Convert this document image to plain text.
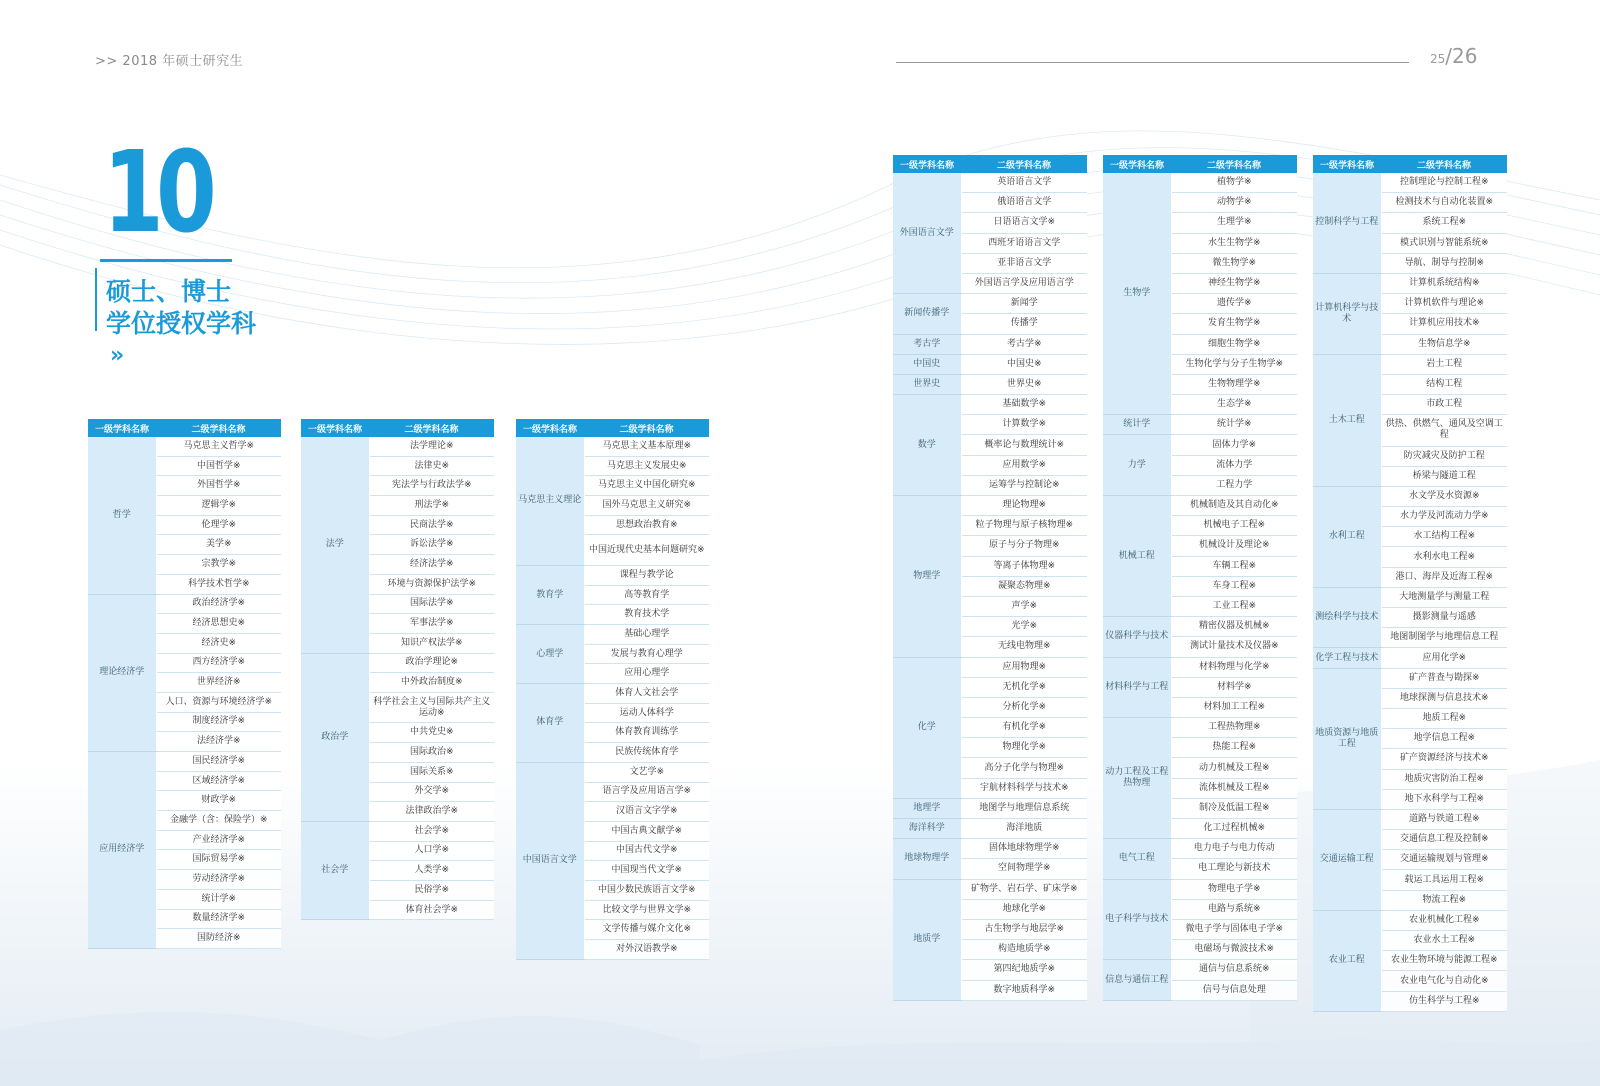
>> 2018 年硕士研究生	25/26
10
硕士、博士
学位授权学科
»
一级学科名称	二级学科名称
哲学	马克思主义哲学※
	中国哲学※
	外国哲学※
	逻辑学※
	伦理学※
	美学※
	宗教学※
	科学技术哲学※
理论经济学	政治经济学※
	经济思想史※
	经济史※
	西方经济学※
	世界经济※
	人口、资源与环境经济学※
	制度经济学※
	法经济学※
应用经济学	国民经济学※
	区域经济学※
	财政学※
	金融学（含：保险学）※
	产业经济学※
	国际贸易学※
	劳动经济学※
	统计学※
	数量经济学※
	国防经济※
一级学科名称	二级学科名称
法学	法学理论※
	法律史※
	宪法学与行政法学※
	刑法学※
	民商法学※
	诉讼法学※
	经济法学※
	环境与资源保护法学※
	国际法学※
	军事法学※
	知识产权法学※
政治学	政治学理论※
	中外政治制度※
	科学社会主义与国际共产主义运动※
	中共党史※
	国际政治※
	国际关系※
	外交学※
	法律政治学※
社会学	社会学※
	人口学※
	人类学※
	民俗学※
	体育社会学※
一级学科名称	二级学科名称
马克思主义理论	马克思主义基本原理※
	马克思主义发展史※
	马克思主义中国化研究※
	国外马克思主义研究※
	思想政治教育※
	中国近现代史基本问题研究※
教育学	课程与教学论
	高等教育学
	教育技术学
心理学	基础心理学
	发展与教育心理学
	应用心理学
体育学	体育人文社会学
	运动人体科学
	体育教育训练学
	民族传统体育学
中国语言文学	文艺学※
	语言学及应用语言学※
	汉语言文字学※
	中国古典文献学※
	中国古代文学※
	中国现当代文学※
	中国少数民族语言文学※
	比较文学与世界文学※
	文学传播与媒介文化※
	对外汉语教学※
一级学科名称	二级学科名称
外国语言文学	英语语言文学
	俄语语言文学
	日语语言文学※
	西班牙语语言文学
	亚非语言文学
	外国语言学及应用语言学
新闻传播学	新闻学
	传播学
考古学	考古学※
中国史	中国史※
世界史	世界史※
数学	基础数学※
	计算数学※
	概率论与数理统计※
	应用数学※
	运筹学与控制论※
物理学	理论物理※
	粒子物理与原子核物理※
	原子与分子物理※
	等离子体物理※
	凝聚态物理※
	声学※
	光学※
	无线电物理※
化学	应用物理※
	无机化学※
	分析化学※
	有机化学※
	物理化学※
	高分子化学与物理※
	宇航材料科学与技术※
地理学	地图学与地理信息系统
海洋科学	海洋地质
地球物理学	固体地球物理学※
	空间物理学※
地质学	矿物学、岩石学、矿床学※
	地球化学※
	古生物学与地层学※
	构造地质学※
	第四纪地质学※
	数字地质科学※
一级学科名称	二级学科名称
生物学	植物学※
	动物学※
	生理学※
	水生生物学※
	微生物学※
	神经生物学※
	遗传学※
	发育生物学※
	细胞生物学※
	生物化学与分子生物学※
	生物物理学※
	生态学※
统计学	统计学※
力学	固体力学※
	流体力学
	工程力学
机械工程	机械制造及其自动化※
	机械电子工程※
	机械设计及理论※
	车辆工程※
	车身工程※
	工业工程※
仪器科学与技术	精密仪器及机械※
	测试计量技术及仪器※
材料科学与工程	材料物理与化学※
	材料学※
	材料加工工程※
动力工程及工程热物理	工程热物理※
	热能工程※
	动力机械及工程※
	流体机械及工程※
	制冷及低温工程※
	化工过程机械※
电气工程	电力电子与电力传动
	电工理论与新技术
电子科学与技术	物理电子学※
	电路与系统※
	微电子学与固体电子学※
	电磁场与微波技术※
信息与通信工程	通信与信息系统※
	信号与信息处理
一级学科名称	二级学科名称
控制科学与工程	控制理论与控制工程※
	检测技术与自动化装置※
	系统工程※
	模式识别与智能系统※
	导航、制导与控制※
计算机科学与技术	计算机系统结构※
	计算机软件与理论※
	计算机应用技术※
	生物信息学※
土木工程	岩土工程
	结构工程
	市政工程
	供热、供燃气、通风及空调工程
	防灾减灾及防护工程
	桥梁与隧道工程
水利工程	水文学及水资源※
	水力学及河流动力学※
	水工结构工程※
	水利水电工程※
	港口、海岸及近海工程※
测绘科学与技术	大地测量学与测量工程
	摄影测量与遥感
	地图制图学与地理信息工程
化学工程与技术	应用化学※
地质资源与地质工程	矿产普查与勘探※
	地球探测与信息技术※
	地质工程※
	地学信息工程※
	矿产资源经济与技术※
	地质灾害防治工程※
	地下水科学与工程※
交通运输工程	道路与铁道工程※
	交通信息工程及控制※
	交通运输规划与管理※
	载运工具运用工程※
	物流工程※
农业工程	农业机械化工程※
	农业水土工程※
	农业生物环境与能源工程※
	农业电气化与自动化※
	仿生科学与工程※
